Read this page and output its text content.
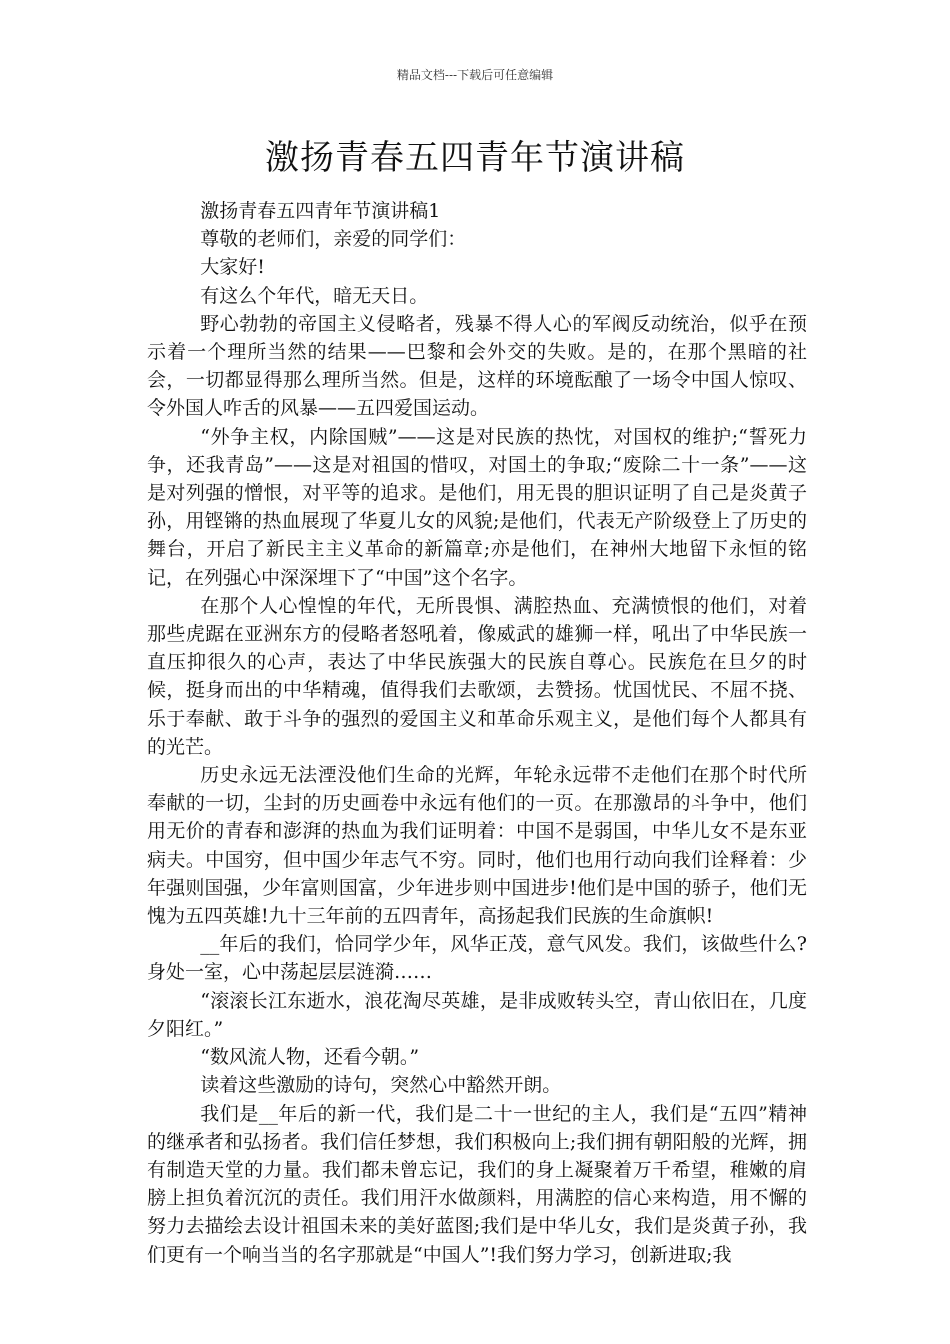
精品文档---下载后可任意编辑
激扬青春五四青年节演讲稿

激扬青春五四青年节演讲稿1

尊敬的老师们，亲爱的同学们：

大家好!

有这么个年代，暗无天日。

野心勃勃的帝国主义侵略者，残暴不得人心的军阀反动统治，似乎在预示着一个理所当然的结果——巴黎和会外交的失败。是的，在那个黑暗的社会，一切都显得那么理所当然。但是，这样的环境酝酿了一场令中国人惊叹、令外国人咋舌的风暴——五四爱国运动。

“外争主权，内除国贼”——这是对民族的热忱，对国权的维护;“誓死力争，还我青岛”——这是对祖国的惜叹，对国土的争取;“废除二十一条”——这是对列强的憎恨，对平等的追求。是他们，用无畏的胆识证明了自己是炎黄子孙，用铿锵的热血展现了华夏儿女的风貌;是他们，代表无产阶级登上了历史的舞台，开启了新民主主义革命的新篇章;亦是他们，在神州大地留下永恒的铭记，在列强心中深深埋下了“中国”这个名字。

在那个人心惶惶的年代，无所畏惧、满腔热血、充满愤恨的他们，对着那些虎踞在亚洲东方的侵略者怒吼着，像威武的雄狮一样，吼出了中华民族一直压抑很久的心声，表达了中华民族强大的民族自尊心。民族危在旦夕的时候，挺身而出的中华精魂，值得我们去歌颂，去赞扬。忧国忧民、不屈不挠、乐于奉献、敢于斗争的强烈的爱国主义和革命乐观主义，是他们每个人都具有的光芒。

历史永远无法湮没他们生命的光辉，年轮永远带不走他们在那个时代所奉献的一切，尘封的历史画卷中永远有他们的一页。在那激昂的斗争中，他们用无价的青春和澎湃的热血为我们证明着：中国不是弱国，中华儿女不是东亚病夫。中国穷，但中国少年志气不穷。同时，他们也用行动向我们诠释着：少年强则国强，少年富则国富，少年进步则中国进步!他们是中国的骄子，他们无愧为五四英雄!九十三年前的五四青年，高扬起我们民族的生命旗帜!

__年后的我们，恰同学少年，风华正茂，意气风发。我们，该做些什么?身处一室，心中荡起层层涟漪……

“滚滚长江东逝水，浪花淘尽英雄，是非成败转头空，青山依旧在，几度夕阳红。”

“数风流人物，还看今朝。”

读着这些激励的诗句，突然心中豁然开朗。

我们是__年后的新一代，我们是二十一世纪的主人，我们是“五四”精神的继承者和弘扬者。我们信任梦想，我们积极向上;我们拥有朝阳般的光辉，拥有制造天堂的力量。我们都未曾忘记，我们的身上凝聚着万千希望，稚嫩的肩膀上担负着沉沉的责任。我们用汗水做颜料，用满腔的信心来构造，用不懈的努力去描绘去设计祖国未来的美好蓝图;我们是中华儿女，我们是炎黄子孙，我们更有一个响当当的名字那就是“中国人”!我们努力学习，创新进取;我
